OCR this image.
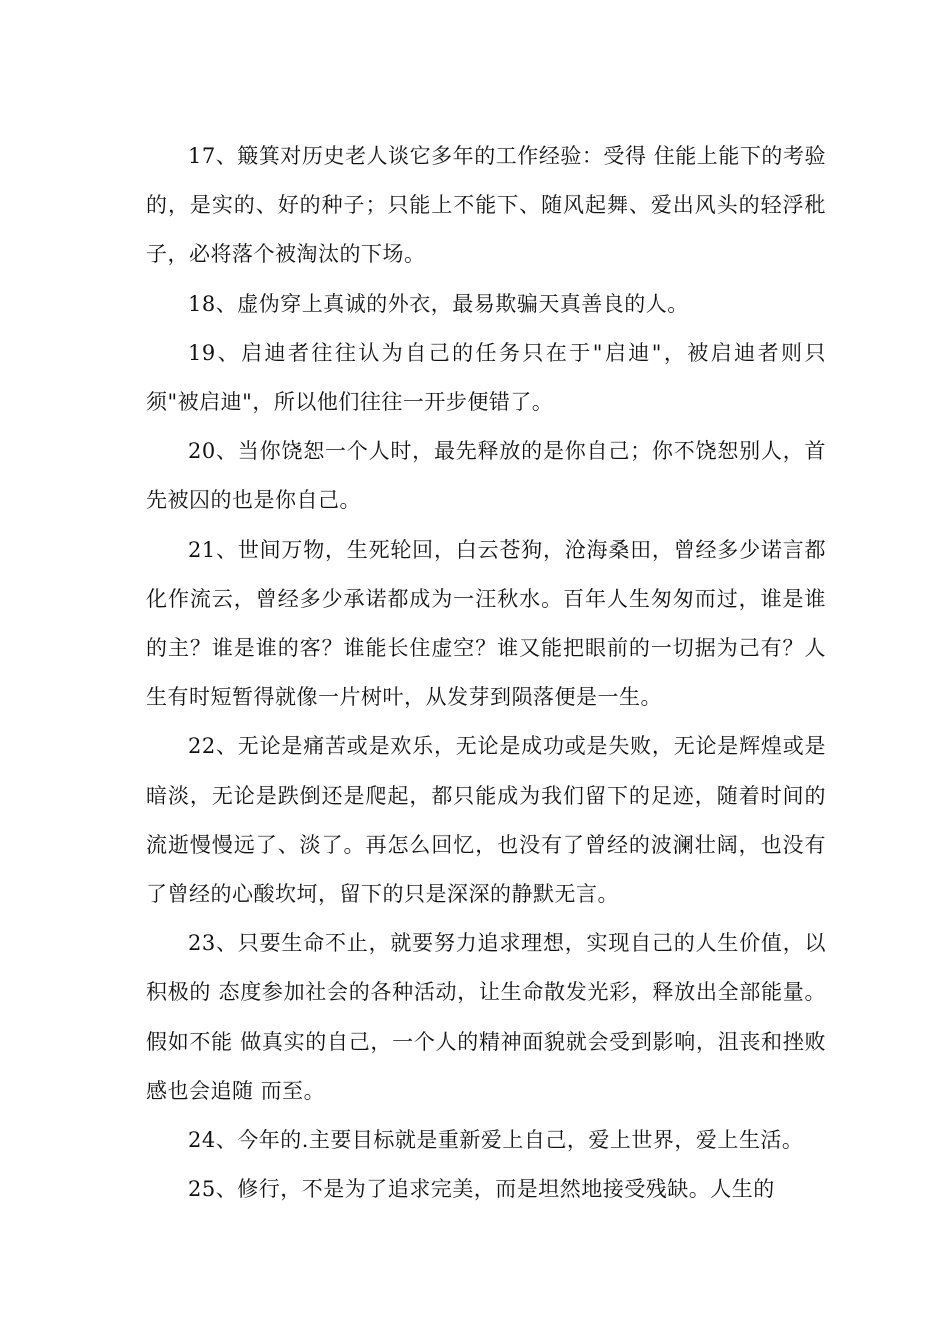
17、簸箕对历史老人谈它多年的工作经验：受得 住能上能下的考验的，是实的、好的种子；只能上不能下、随风起舞、爱出风头的轻浮秕子，必将落个被淘汰的下场。

18、虚伪穿上真诚的外衣，最易欺骗天真善良的人。

19、启迪者往往认为自己的任务只在于"启迪"，被启迪者则只须"被启迪"，所以他们往往一开步便错了。

20、当你饶恕一个人时，最先释放的是你自己；你不饶恕别人，首先被囚的也是你自己。

21、世间万物，生死轮回，白云苍狗，沧海桑田，曾经多少诺言都化作流云，曾经多少承诺都成为一汪秋水。百年人生匆匆而过，谁是谁的主？谁是谁的客？谁能长住虚空？谁又能把眼前的一切据为己有？人生有时短暂得就像一片树叶，从发芽到陨落便是一生。

22、无论是痛苦或是欢乐，无论是成功或是失败，无论是辉煌或是暗淡，无论是跌倒还是爬起，都只能成为我们留下的足迹，随着时间的流逝慢慢远了、淡了。再怎么回忆，也没有了曾经的波澜壮阔，也没有了曾经的心酸坎坷，留下的只是深深的静默无言。

23、只要生命不止，就要努力追求理想，实现自己的人生价值，以积极的 态度参加社会的各种活动，让生命散发光彩，释放出全部能量。假如不能 做真实的自己，一个人的精神面貌就会受到影响，沮丧和挫败感也会追随 而至。

24、今年的.主要目标就是重新爱上自己，爱上世界，爱上生活。

25、修行，不是为了追求完美，而是坦然地接受残缺。人生的
